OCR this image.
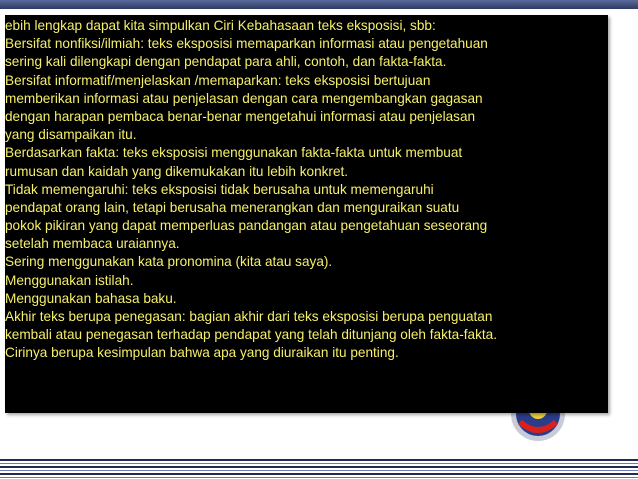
ebih lengkap dapat kita simpulkan Ciri Kebahasaan teks eksposisi, sbb:
Bersifat nonfiksi/ilmiah: teks eksposisi memaparkan informasi atau pengetahuan
sering kali dilengkapi dengan pendapat para ahli, contoh, dan fakta-fakta.
Bersifat informatif/menjelaskan /memaparkan: teks eksposisi bertujuan
memberikan informasi atau penjelasan dengan cara mengembangkan gagasan
dengan harapan pembaca benar-benar mengetahui informasi atau penjelasan
yang disampaikan itu.
Berdasarkan fakta: teks eksposisi menggunakan fakta-fakta untuk membuat
rumusan dan kaidah yang dikemukakan itu lebih konkret.
Tidak memengaruhi: teks eksposisi tidak berusaha untuk memengaruhi
pendapat orang lain, tetapi berusaha menerangkan dan menguraikan suatu
pokok pikiran yang dapat memperluas pandangan atau pengetahuan seseorang
setelah membaca uraiannya.
Sering menggunakan kata pronomina (kita atau saya).
Menggunakan istilah.
Menggunakan bahasa baku.
Akhir teks berupa penegasan: bagian akhir dari teks eksposisi berupa penguatan
kembali atau penegasan terhadap pendapat yang telah ditunjang oleh fakta-fakta.
Cirinya berupa kesimpulan bahwa apa yang diuraikan itu penting.
